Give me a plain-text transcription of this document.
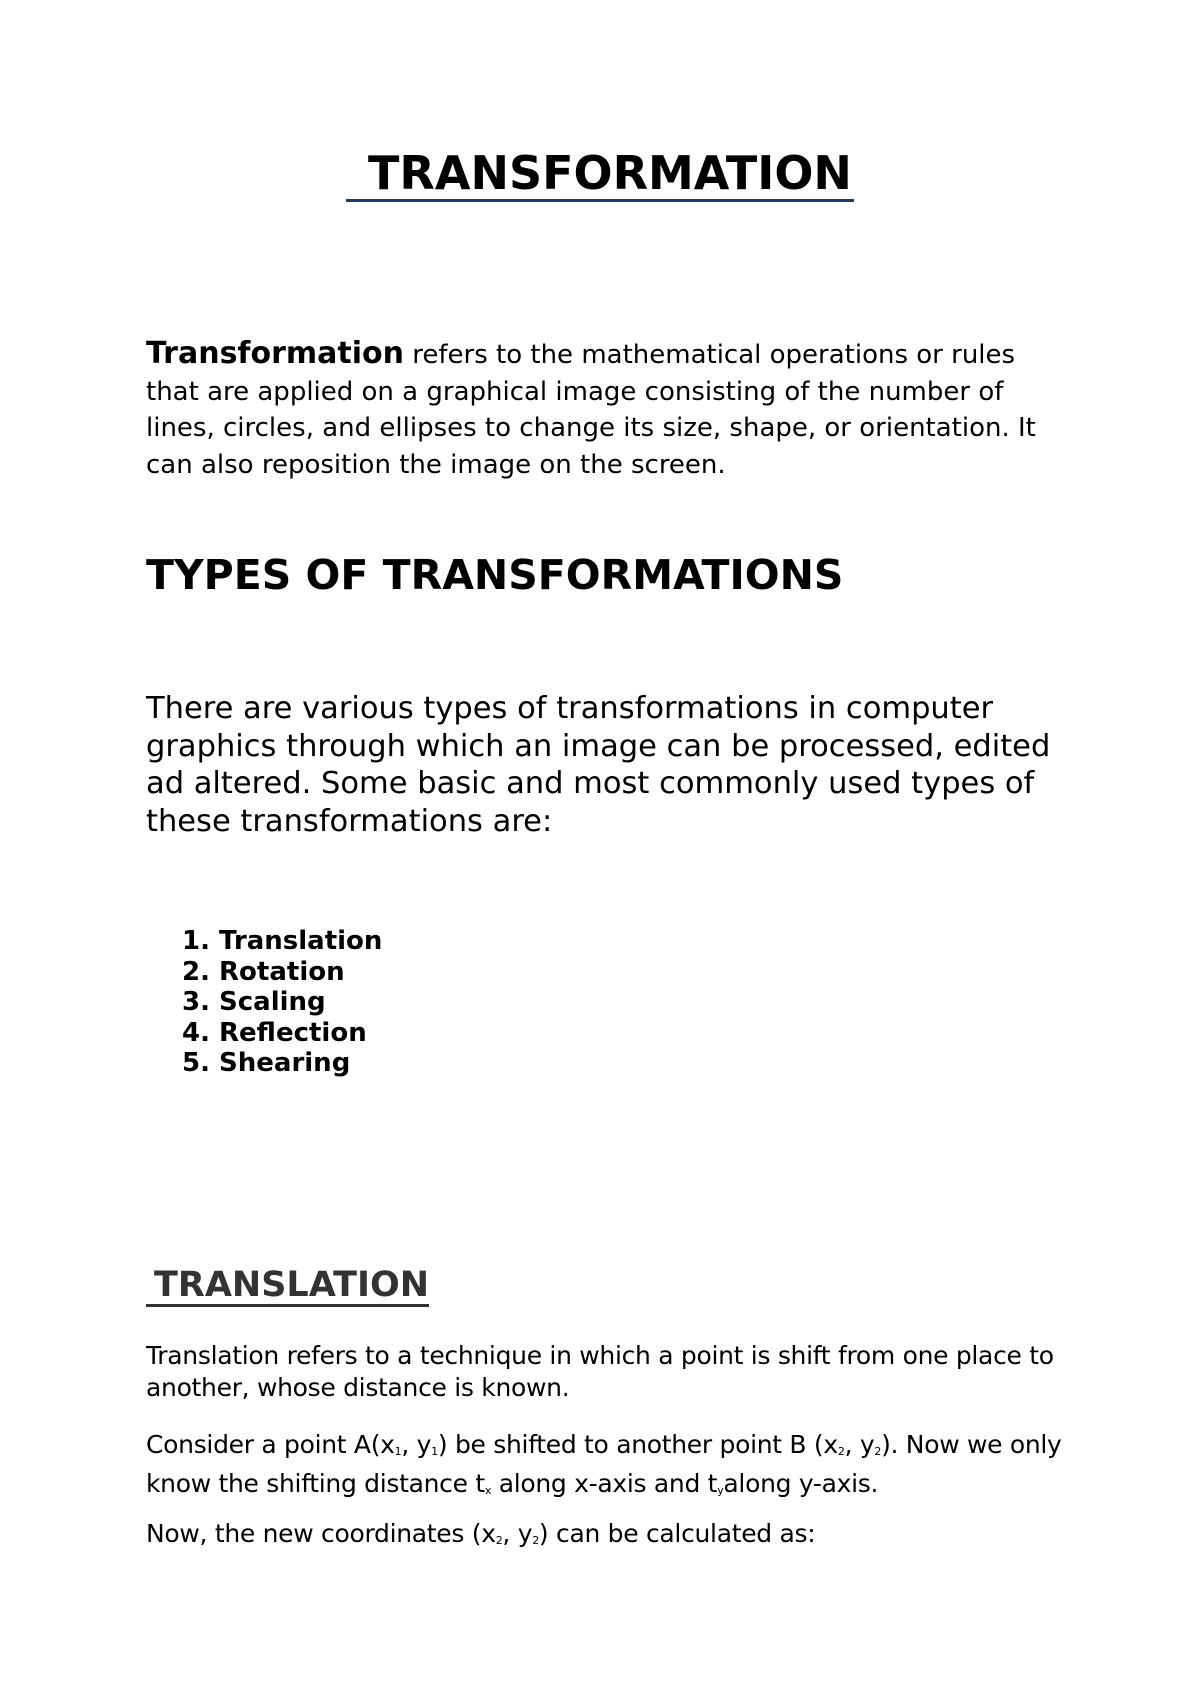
TRANSFORMATION

Transformation refers to the mathematical operations or rules that are applied on a graphical image consisting of the number of lines, circles, and ellipses to change its size, shape, or orientation. It can also reposition the image on the screen.

TYPES OF TRANSFORMATIONS

There are various types of transformations in computer graphics through which an image can be processed, edited ad altered. Some basic and most commonly used types of these transformations are:

1. Translation
2. Rotation
3. Scaling
4. Reflection
5. Shearing
TRANSLATION

Translation refers to a technique in which a point is shift from one place to another, whose distance is known.

Consider a point $A(x_1$, $y_1$) be shifted to another point B ($x_2$, $y_2$). Now we only know the shifting distance $t_x$ along x-axis and $t_yalong$ y-axis.

Now, the new coordinates ($x_2$, $y_2$) can be calculated as:
